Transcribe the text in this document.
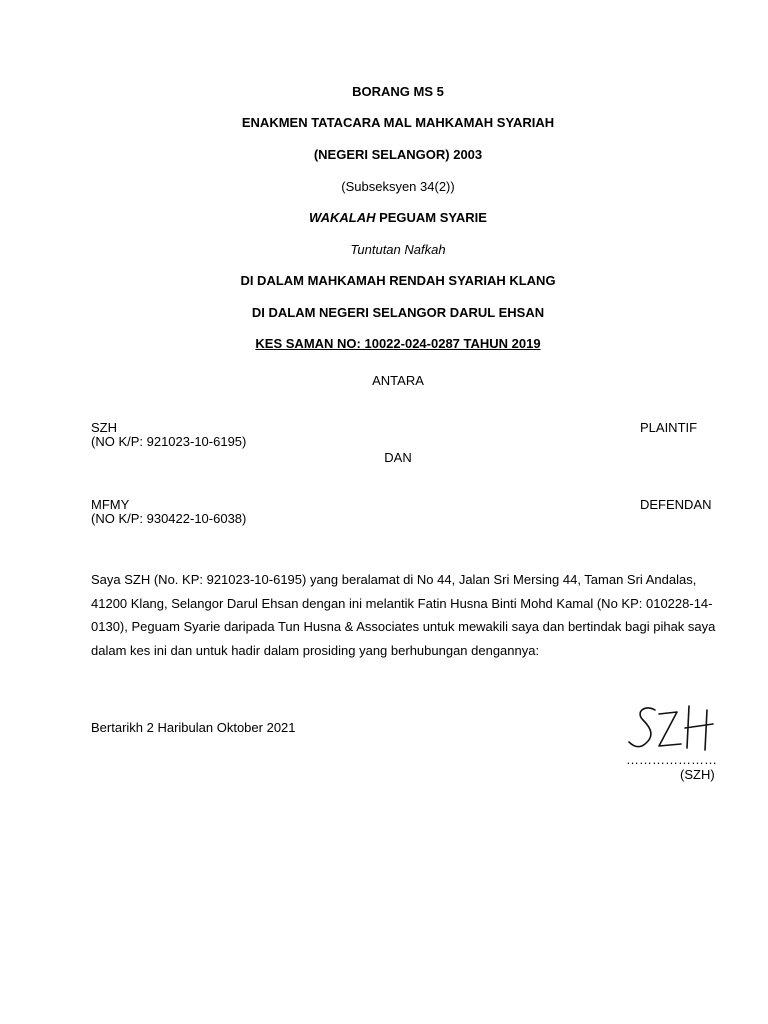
BORANG MS 5
ENAKMEN TATACARA MAL MAHKAMAH SYARIAH
(NEGERI SELANGOR) 2003
(Subseksyen 34(2))
WAKALAH PEGUAM SYARIE
Tuntutan Nafkah
DI DALAM MAHKAMAH RENDAH SYARIAH KLANG
DI DALAM NEGERI SELANGOR DARUL EHSAN
KES SAMAN NO: 10022-024-0287 TAHUN 2019
ANTARA
SZH
(NO K/P: 921023-10-6195)
PLAINTIF
DAN
MFMY
(NO K/P: 930422-10-6038)
DEFENDAN
Saya SZH (No. KP: 921023-10-6195) yang beralamat di No 44, Jalan Sri Mersing 44, Taman Sri Andalas, 41200 Klang, Selangor Darul Ehsan dengan ini melantik Fatin Husna Binti Mohd Kamal (No KP: 010228-14-0130), Peguam Syarie daripada Tun Husna & Associates untuk mewakili saya dan bertindak bagi pihak saya dalam kes ini dan untuk hadir dalam prosiding yang berhubungan dengannya:
Bertarikh 2 Haribulan Oktober 2021
…………………
(SZH)
